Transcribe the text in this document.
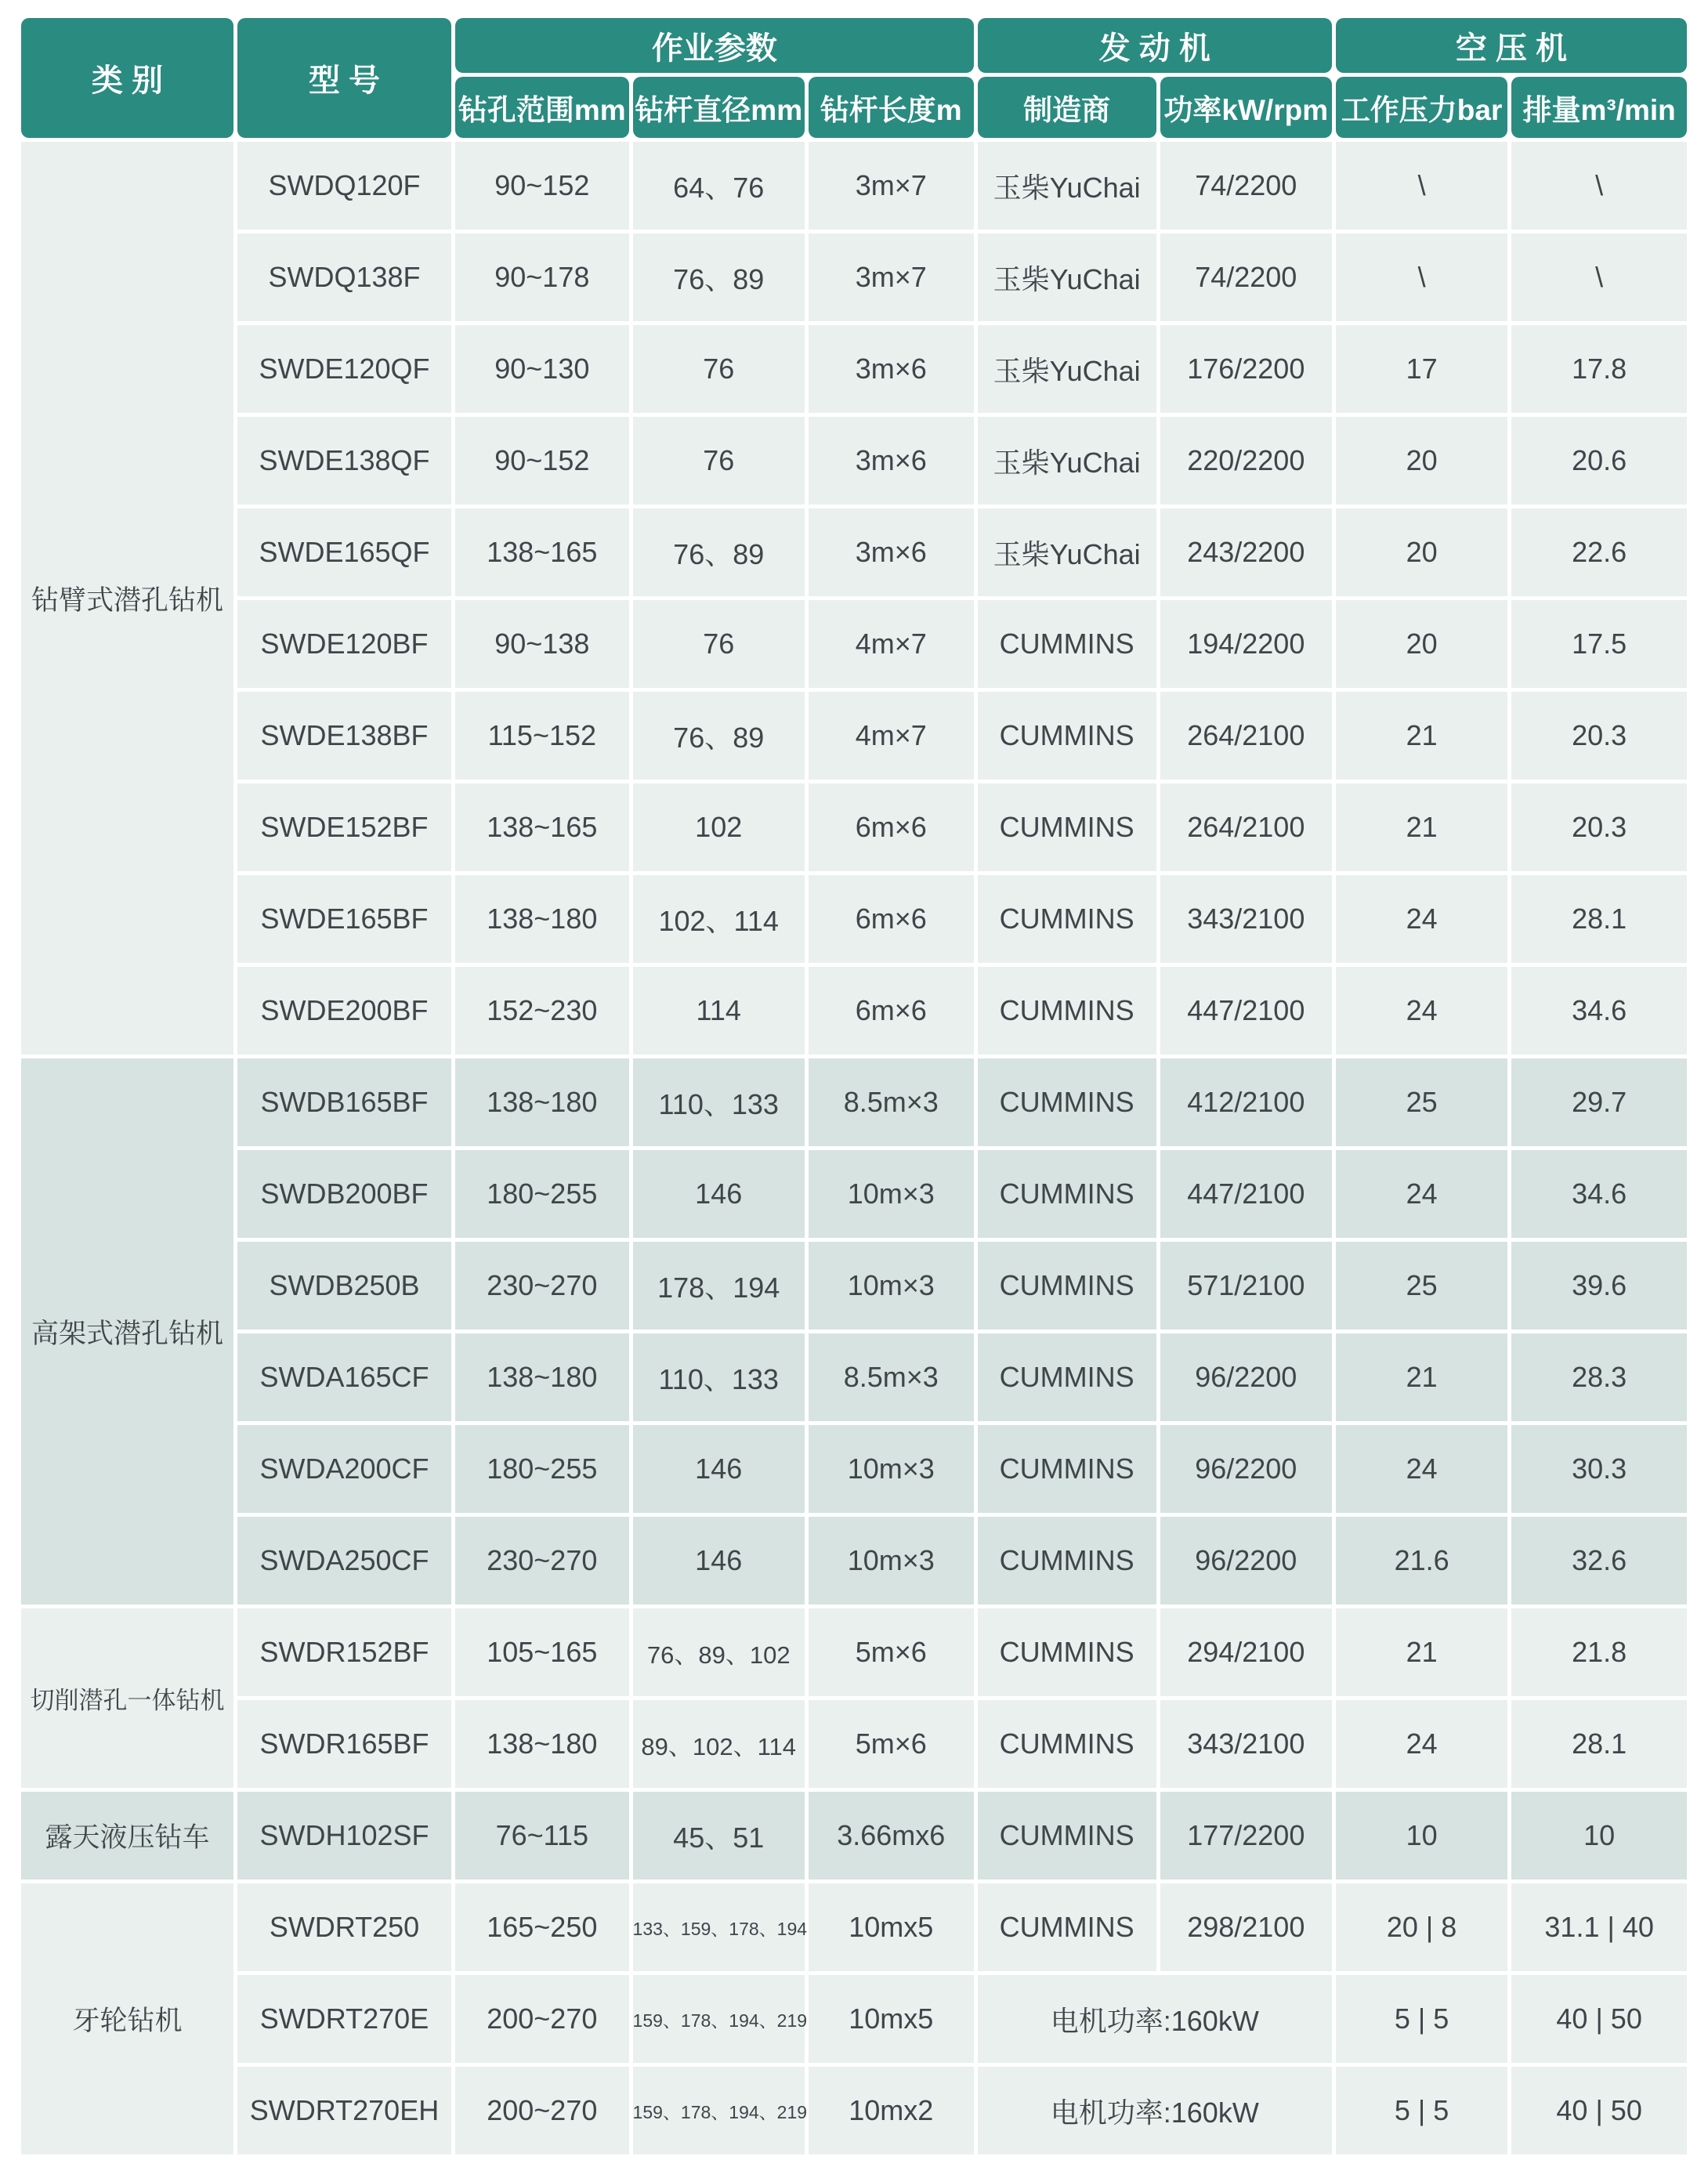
类 别	型 号	作业参数			发 动 机		空 压 机	
		钻孔范围mm	钻杆直径mm	钻杆长度m	制造商	功率kW/rpm	工作压力bar	排量m³/min
钻臂式潜孔钻机	SWDQ120F	90~152	64、76	3m×7	玉柴YuChai	74/2200	\	\
	SWDQ138F	90~178	76、89	3m×7	玉柴YuChai	74/2200	\	\
	SWDE120QF	90~130	76	3m×6	玉柴YuChai	176/2200	17	17.8
	SWDE138QF	90~152	76	3m×6	玉柴YuChai	220/2200	20	20.6
	SWDE165QF	138~165	76、89	3m×6	玉柴YuChai	243/2200	20	22.6
	SWDE120BF	90~138	76	4m×7	CUMMINS	194/2200	20	17.5
	SWDE138BF	115~152	76、89	4m×7	CUMMINS	264/2100	21	20.3
	SWDE152BF	138~165	102	6m×6	CUMMINS	264/2100	21	20.3
	SWDE165BF	138~180	102、114	6m×6	CUMMINS	343/2100	24	28.1
	SWDE200BF	152~230	114	6m×6	CUMMINS	447/2100	24	34.6
高架式潜孔钻机	SWDB165BF	138~180	110、133	8.5m×3	CUMMINS	412/2100	25	29.7
	SWDB200BF	180~255	146	10m×3	CUMMINS	447/2100	24	34.6
	SWDB250B	230~270	178、194	10m×3	CUMMINS	571/2100	25	39.6
	SWDA165CF	138~180	110、133	8.5m×3	CUMMINS	96/2200	21	28.3
	SWDA200CF	180~255	146	10m×3	CUMMINS	96/2200	24	30.3
	SWDA250CF	230~270	146	10m×3	CUMMINS	96/2200	21.6	32.6
切削潜孔一体钻机	SWDR152BF	105~165	76、89、102	5m×6	CUMMINS	294/2100	21	21.8
	SWDR165BF	138~180	89、102、114	5m×6	CUMMINS	343/2100	24	28.1
露天液压钻车	SWDH102SF	76~115	45、51	3.66mx6	CUMMINS	177/2200	10	10
牙轮钻机	SWDRT250	165~250	133、159、178、194	10mx5	CUMMINS	298/2100	20 | 8	31.1 | 40
	SWDRT270E	200~270	159、178、194、219	10mx5	电机功率:160kW		5 | 5	40 | 50
	SWDRT270EH	200~270	159、178、194、219	10mx2	电机功率:160kW		5 | 5	40 | 50
